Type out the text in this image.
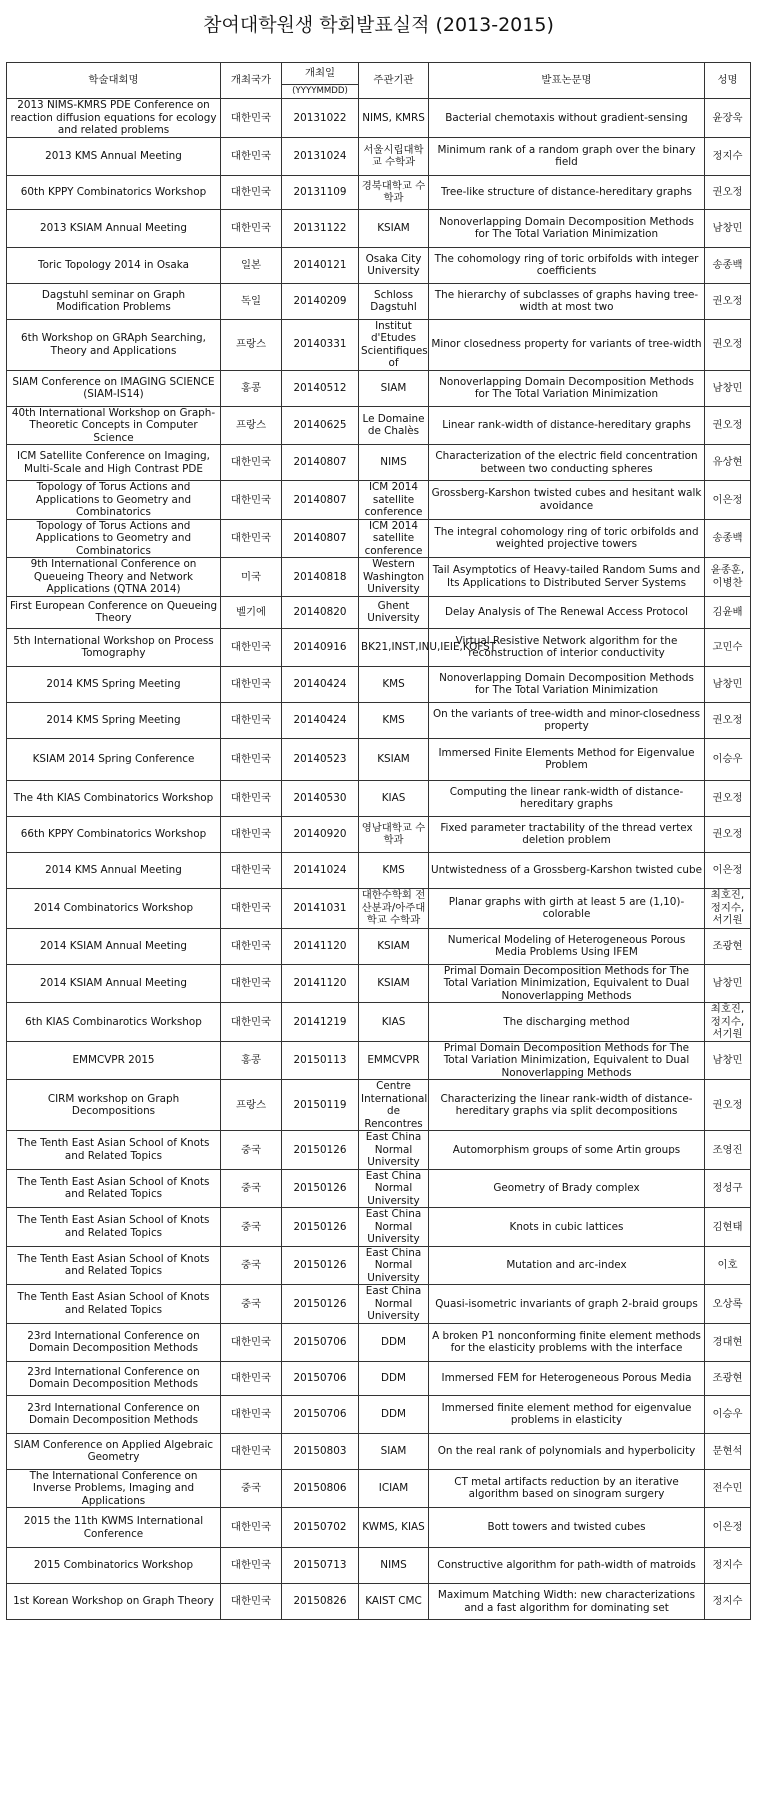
참여대학원생 학회발표실적 (2013-2015)
학술대회명	개최국가	개최일	주관기관	발표논문명	성명
		(YYYYMMDD)			
2013 NIMS-KMRS PDE Conference on reaction diffusion equations for ecology and related problems	대한민국	20131022	NIMS, KMRS	Bacterial chemotaxis without gradient-sensing	윤장욱
2013 KMS Annual Meeting	대한민국	20131024	서울시립대학교 수학과	Minimum rank of a random graph over the binary field	정지수
60th KPPY Combinatorics Workshop	대한민국	20131109	경북대학교 수학과	Tree-like structure of distance-hereditary graphs	권오정
2013 KSIAM Annual Meeting	대한민국	20131122	KSIAM	Nonoverlapping Domain Decomposition Methods for The Total Variation Minimization	남창민
Toric Topology 2014 in Osaka	일본	20140121	Osaka City University	The cohomology ring of toric orbifolds with integer coefficients	송종백
Dagstuhl seminar on Graph Modification Problems	독일	20140209	Schloss Dagstuhl	The hierarchy of subclasses of graphs having tree-width at most two	권오정
6th Workshop on GRAph Searching, Theory and Applications	프랑스	20140331	Institut d'Etudes Scientifiques of	Minor closedness property for variants of tree-width	권오정
SIAM Conference on IMAGING SCIENCE (SIAM-IS14)	홍콩	20140512	SIAM	Nonoverlapping Domain Decomposition Methods for The Total Variation Minimization	남창민
40th International Workshop on Graph-Theoretic Concepts in Computer Science	프랑스	20140625	Le Domaine de Chalès	Linear rank-width of distance-hereditary graphs	권오정
ICM Satellite Conference on Imaging, Multi-Scale and High Contrast PDE	대한민국	20140807	NIMS	Characterization of the electric field concentration between two conducting spheres	유상현
Topology of Torus Actions and Applications to Geometry and Combinatorics	대한민국	20140807	ICM 2014 satellite conference	Grossberg-Karshon twisted cubes and hesitant walk avoidance	이은정
Topology of Torus Actions and Applications to Geometry and Combinatorics	대한민국	20140807	ICM 2014 satellite conference	The integral cohomology ring of toric orbifolds and weighted projective towers	송종백
9th International Conference on Queueing Theory and Network Applications (QTNA 2014)	미국	20140818	Western Washington University	Tail Asymptotics of Heavy-tailed Random Sums and Its Applications to Distributed Server Systems	윤종훈,이병찬
First European Conference on Queueing Theory	벨기에	20140820	Ghent University	Delay Analysis of The Renewal Access Protocol	김윤배
5th International Workshop on Process Tomography	대한민국	20140916	BK21,INST,INU,IEIE,KOFST	Virtual Resistive Network algorithm for the reconstruction of interior conductivity	고민수
2014 KMS Spring Meeting	대한민국	20140424	KMS	Nonoverlapping Domain Decomposition Methods for The Total Variation Minimization	남창민
2014 KMS Spring Meeting	대한민국	20140424	KMS	On the variants of tree-width and minor-closedness property	권오정
KSIAM 2014 Spring Conference	대한민국	20140523	KSIAM	Immersed Finite Elements Method for Eigenvalue Problem	이승우
The 4th KIAS Combinatorics Workshop	대한민국	20140530	KIAS	Computing the linear rank-width of distance-hereditary graphs	권오정
66th KPPY Combinatorics Workshop	대한민국	20140920	영남대학교 수학과	Fixed parameter tractability of the thread vertex deletion problem	권오정
2014 KMS Annual Meeting	대한민국	20141024	KMS	Untwistedness of a Grossberg-Karshon twisted cube	이은정
2014 Combinatorics Workshop	대한민국	20141031	대한수학회 전산분과/아주대학교 수학과	Planar graphs with girth at least 5 are (1,10)-colorable	최호진,정지수,서기원
2014 KSIAM Annual Meeting	대한민국	20141120	KSIAM	Numerical Modeling of Heterogeneous Porous Media Problems Using IFEM	조광현
2014 KSIAM Annual Meeting	대한민국	20141120	KSIAM	Primal Domain Decomposition Methods for The Total Variation Minimization, Equivalent to Dual Nonoverlapping Methods	남창민
6th KIAS Combinarotics Workshop	대한민국	20141219	KIAS	The discharging method	최호진,정지수,서기원
EMMCVPR 2015	홍콩	20150113	EMMCVPR	Primal Domain Decomposition Methods for The Total Variation Minimization, Equivalent to Dual Nonoverlapping Methods	남창민
CIRM workshop on Graph Decompositions	프랑스	20150119	Centre International de Rencontres	Characterizing the linear rank-width of distance-hereditary graphs via split decompositions	권오정
The Tenth East Asian School of Knots and Related Topics	중국	20150126	East China Normal University	Automorphism groups of some Artin groups	조영진
The Tenth East Asian School of Knots and Related Topics	중국	20150126	East China Normal University	Geometry of Brady complex	정성구
The Tenth East Asian School of Knots and Related Topics	중국	20150126	East China Normal University	Knots in cubic lattices	김현태
The Tenth East Asian School of Knots and Related Topics	중국	20150126	East China Normal University	Mutation and arc-index	이호
The Tenth East Asian School of Knots and Related Topics	중국	20150126	East China Normal University	Quasi-isometric invariants of graph 2-braid groups	오상록
23rd International Conference on Domain Decomposition Methods	대한민국	20150706	DDM	A broken P1 nonconforming finite element methods for the elasticity problems with the interface	경대현
23rd International Conference on Domain Decomposition Methods	대한민국	20150706	DDM	Immersed FEM for Heterogeneous Porous Media	조광현
23rd International Conference on Domain Decomposition Methods	대한민국	20150706	DDM	Immersed finite element method for eigenvalue problems in elasticity	이승우
SIAM Conference on Applied Algebraic Geometry	대한민국	20150803	SIAM	On the real rank of polynomials and hyperbolicity	문현석
The International Conference on Inverse Problems, Imaging and Applications	중국	20150806	ICIAM	CT metal artifacts reduction by an iterative algorithm based on sinogram surgery	전수민
2015 the 11th KWMS International Conference	대한민국	20150702	KWMS, KIAS	Bott towers and twisted cubes	이은정
2015 Combinatorics Workshop	대한민국	20150713	NIMS	Constructive algorithm for path-width of matroids	정지수
1st Korean Workshop on Graph Theory	대한민국	20150826	KAIST CMC	Maximum Matching Width: new characterizations and a fast algorithm for dominating set	정지수
